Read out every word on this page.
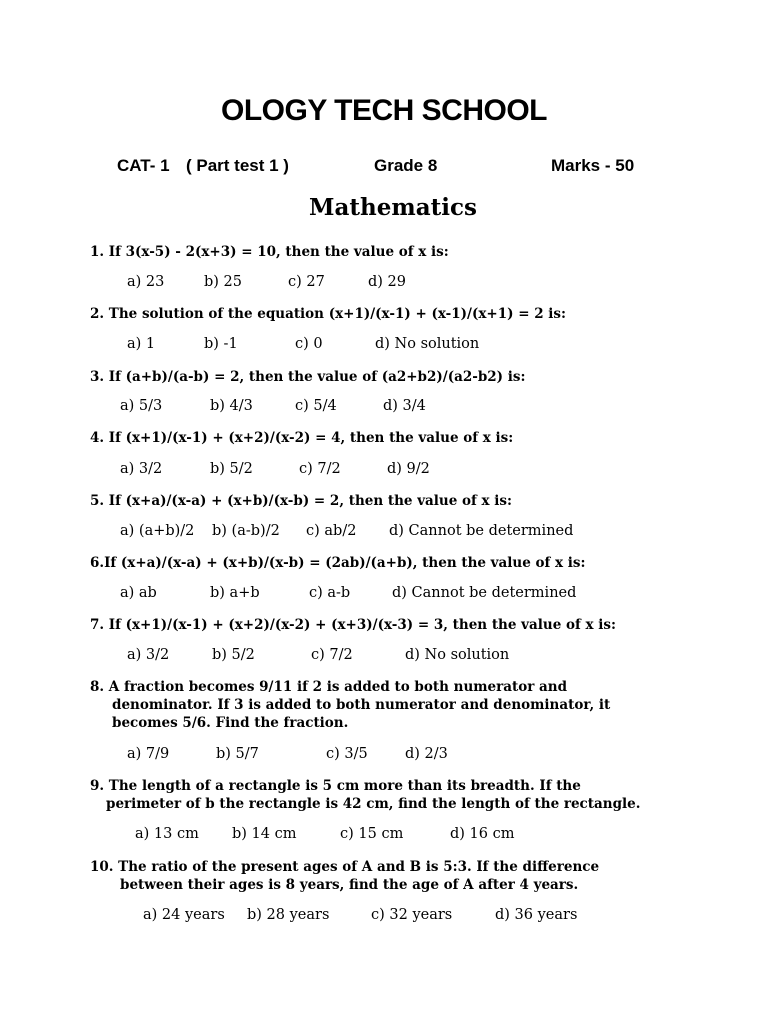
OLOGY TECH SCHOOL
CAT- 1 ( Part test 1 )	Grade 8	Marks - 50
Mathematics
1. If 3(x-5) - 2(x+3) = 10, then the value of x is:
a) 23	b) 25	c) 27	d) 29
2. The solution of the equation (x+1)/(x-1) + (x-1)/(x+1) = 2 is:
a) 1	b) -1	c) 0	d) No solution
3. If (a+b)/(a-b) = 2, then the value of (a2+b2)/(a2-b2) is:
a) 5/3	b) 4/3	c) 5/4	d) 3/4
4. If (x+1)/(x-1) + (x+2)/(x-2) = 4, then the value of x is:
a) 3/2	b) 5/2	c) 7/2	d) 9/2
5. If (x+a)/(x-a) + (x+b)/(x-b) = 2, then the value of x is:
a) (a+b)/2 b) (a-b)/2 c) ab/2 d) Cannot be determined
6.If (x+a)/(x-a) + (x+b)/(x-b) = (2ab)/(a+b), then the value of x is:
a) ab	b) a+b	c) a-b	d) Cannot be determined
7. If (x+1)/(x-1) + (x+2)/(x-2) + (x+3)/(x-3) = 3, then the value of x is:
a) 3/2	b) 5/2	c) 7/2	d) No solution
8. A fraction becomes 9/11 if 2 is added to both numerator and
denominator. If 3 is added to both numerator and denominator, it
becomes 5/6. Find the fraction.
a) 7/9	b) 5/7	c) 3/5	d) 2/3
9. The length of a rectangle is 5 cm more than its breadth. If the
perimeter of b the rectangle is 42 cm, find the length of the rectangle.
a) 13 cm b) 14 cm	c) 15 cm	d) 16 cm
10. The ratio of the present ages of A and B is 5:3. If the difference
between their ages is 8 years, find the age of A after 4 years.
a) 24 years b) 28 years	c) 32 years	d) 36 years
